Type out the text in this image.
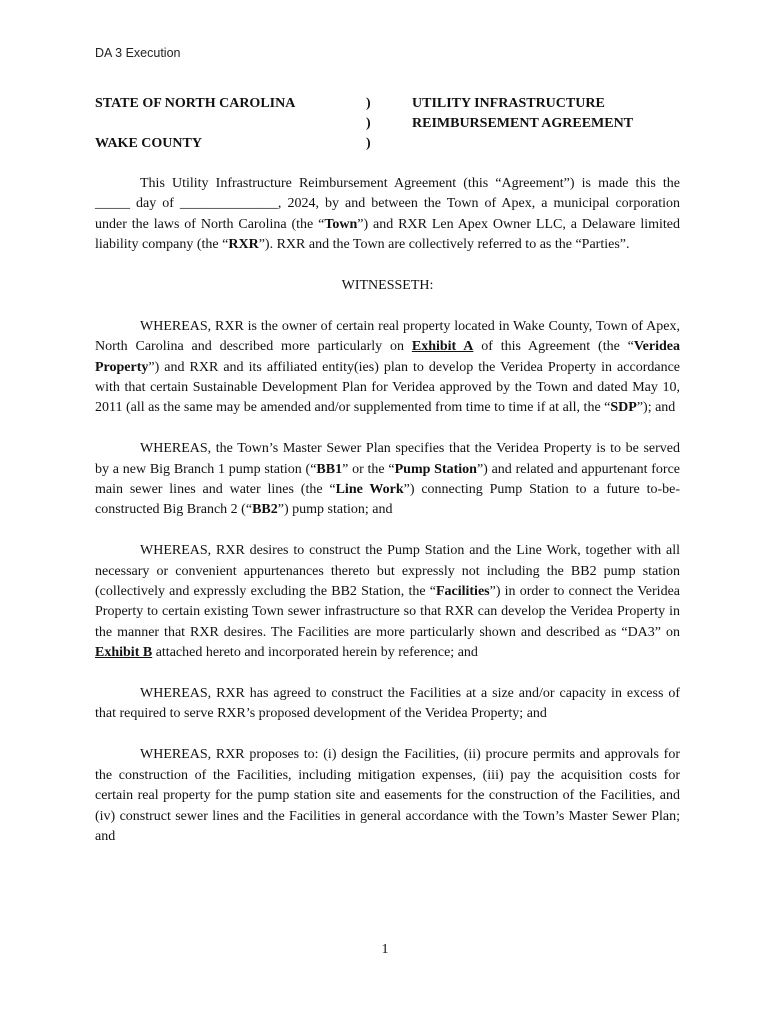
DA 3 Execution
STATE OF NORTH CAROLINA
WAKE COUNTY
)
)
)
UTILITY INFRASTRUCTURE
REIMBURSEMENT AGREEMENT

This Utility Infrastructure Reimbursement Agreement (this “Agreement”) is made this the _____ day of ______________, 2024, by and between the Town of Apex, a municipal corporation under the laws of North Carolina (the “Town”) and RXR Len Apex Owner LLC, a Delaware limited liability company (the “RXR”). RXR and the Town are collectively referred to as the “Parties”.

WITNESSETH:

WHEREAS, RXR is the owner of certain real property located in Wake County, Town of Apex, North Carolina and described more particularly on Exhibit A of this Agreement (the “Veridea Property”) and RXR and its affiliated entity(ies) plan to develop the Veridea Property in accordance with that certain Sustainable Development Plan for Veridea approved by the Town and dated May 10, 2011 (all as the same may be amended and/or supplemented from time to time if at all, the “SDP”); and

WHEREAS, the Town’s Master Sewer Plan specifies that the Veridea Property is to be served by a new Big Branch 1 pump station (“BB1” or the “Pump Station”) and related and appurtenant force main sewer lines and water lines (the “Line Work”) connecting Pump Station to a future to-be-constructed Big Branch 2 (“BB2”) pump station; and

WHEREAS, RXR desires to construct the Pump Station and the Line Work, together with all necessary or convenient appurtenances thereto but expressly not including the BB2 pump station (collectively and expressly excluding the BB2 Station, the “Facilities”) in order to connect the Veridea Property to certain existing Town sewer infrastructure so that RXR can develop the Veridea Property in the manner that RXR desires. The Facilities are more particularly shown and described as “DA3” on Exhibit B attached hereto and incorporated herein by reference; and

WHEREAS, RXR has agreed to construct the Facilities at a size and/or capacity in excess of that required to serve RXR’s proposed development of the Veridea Property; and

WHEREAS, RXR proposes to: (i) design the Facilities, (ii) procure permits and approvals for the construction of the Facilities, including mitigation expenses, (iii) pay the acquisition costs for certain real property for the pump station site and easements for the construction of the Facilities, and (iv) construct sewer lines and the Facilities in general accordance with the Town’s Master Sewer Plan; and

1
